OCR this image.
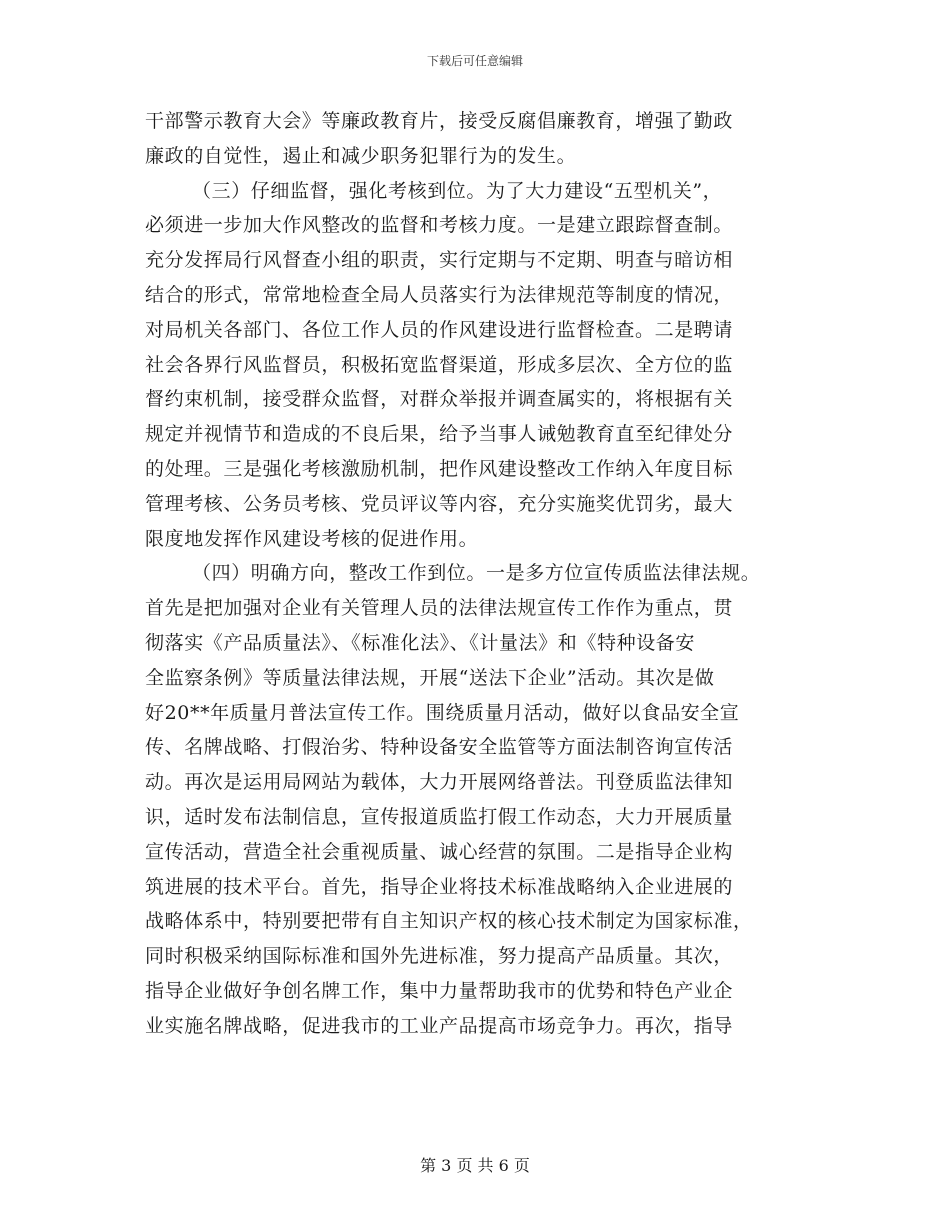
下载后可任意编辑
干部警示教育大会》等廉政教育片，接受反腐倡廉教育，增强了勤政
廉政的自觉性，遏止和减少职务犯罪行为的发生。
（三）仔细监督，强化考核到位。为了大力建设“五型机关”，
必须进一步加大作风整改的监督和考核力度。一是建立跟踪督查制。
充分发挥局行风督查小组的职责，实行定期与不定期、明查与暗访相
结合的形式，常常地检查全局人员落实行为法律规范等制度的情况，
对局机关各部门、各位工作人员的作风建设进行监督检查。二是聘请
社会各界行风监督员，积极拓宽监督渠道，形成多层次、全方位的监
督约束机制，接受群众监督，对群众举报并调查属实的，将根据有关
规定并视情节和造成的不良后果，给予当事人诫勉教育直至纪律处分
的处理。三是强化考核激励机制，把作风建设整改工作纳入年度目标
管理考核、公务员考核、党员评议等内容，充分实施奖优罚劣，最大
限度地发挥作风建设考核的促进作用。
（四）明确方向，整改工作到位。一是多方位宣传质监法律法规。
首先是把加强对企业有关管理人员的法律法规宣传工作作为重点，贯
彻落实《产品质量法》、《标准化法》、《计量法》和《特种设备安
全监察条例》等质量法律法规，开展“送法下企业”活动。其次是做
好20**年质量月普法宣传工作。围绕质量月活动，做好以食品安全宣
传、名牌战略、打假治劣、特种设备安全监管等方面法制咨询宣传活
动。再次是运用局网站为载体，大力开展网络普法。刊登质监法律知
识，适时发布法制信息，宣传报道质监打假工作动态，大力开展质量
宣传活动，营造全社会重视质量、诚心经营的氛围。二是指导企业构
筑进展的技术平台。首先，指导企业将技术标准战略纳入企业进展的
战略体系中，特别要把带有自主知识产权的核心技术制定为国家标准，
同时积极采纳国际标准和国外先进标准，努力提高产品质量。其次，
指导企业做好争创名牌工作，集中力量帮助我市的优势和特色产业企
业实施名牌战略，促进我市的工业产品提高市场竞争力。再次，指导
第 3 页 共 6 页
